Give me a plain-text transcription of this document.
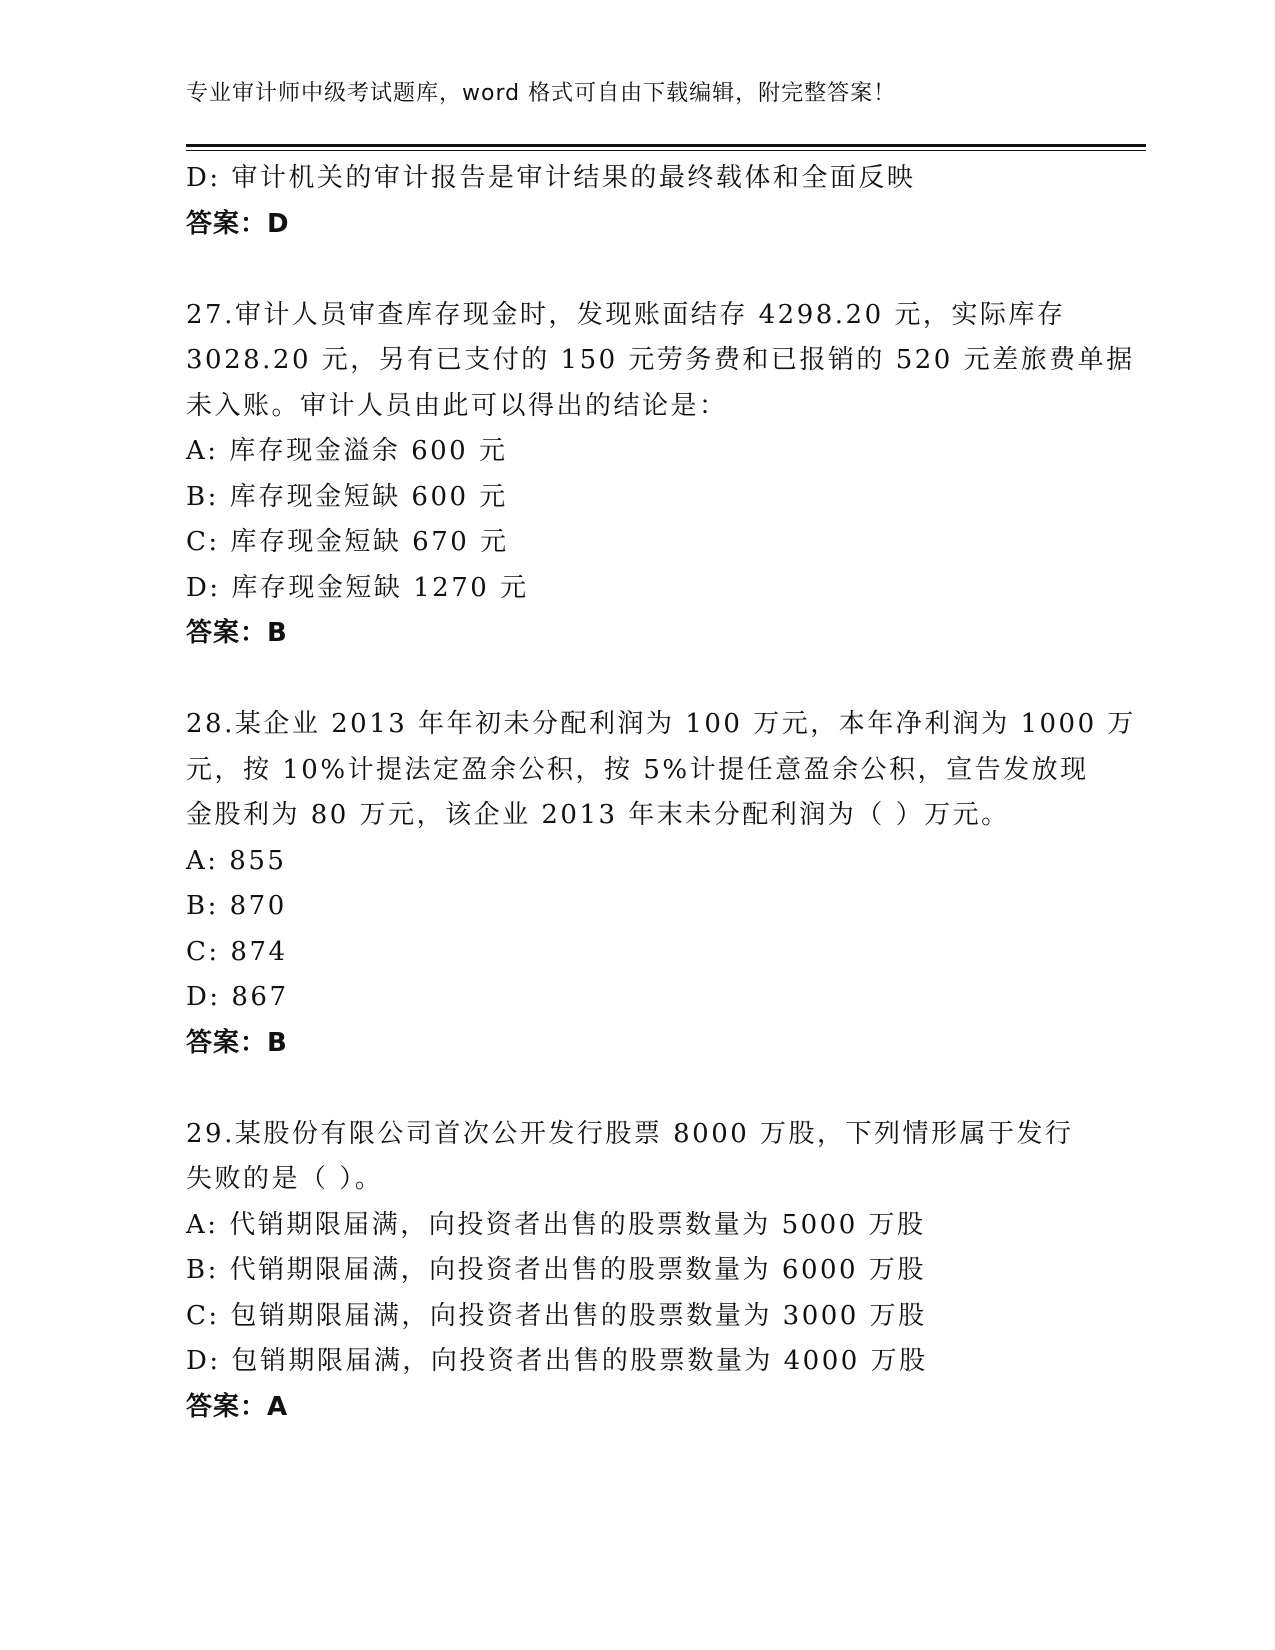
专业审计师中级考试题库，word 格式可自由下载编辑，附完整答案！
D: 审计机关的审计报告是审计结果的最终载体和全面反映
答案：D
27.审计人员审查库存现金时，发现账面结存 4298.20 元，实际库存
3028.20 元，另有已支付的 150 元劳务费和已报销的 520 元差旅费单据
未入账。审计人员由此可以得出的结论是：
A: 库存现金溢余 600 元
B: 库存现金短缺 600 元
C: 库存现金短缺 670 元
D: 库存现金短缺 1270 元
答案：B
28.某企业 2013 年年初未分配利润为 100 万元，本年净利润为 1000 万
元，按 10%计提法定盈余公积，按 5%计提任意盈余公积，宣告发放现
金股利为 80 万元，该企业 2013 年末未分配利润为（ ）万元。
A: 855
B: 870
C: 874
D: 867
答案：B
29.某股份有限公司首次公开发行股票 8000 万股，下列情形属于发行
失败的是（ ）。
A: 代销期限届满，向投资者出售的股票数量为 5000 万股
B: 代销期限届满，向投资者出售的股票数量为 6000 万股
C: 包销期限届满，向投资者出售的股票数量为 3000 万股
D: 包销期限届满，向投资者出售的股票数量为 4000 万股
答案：A
